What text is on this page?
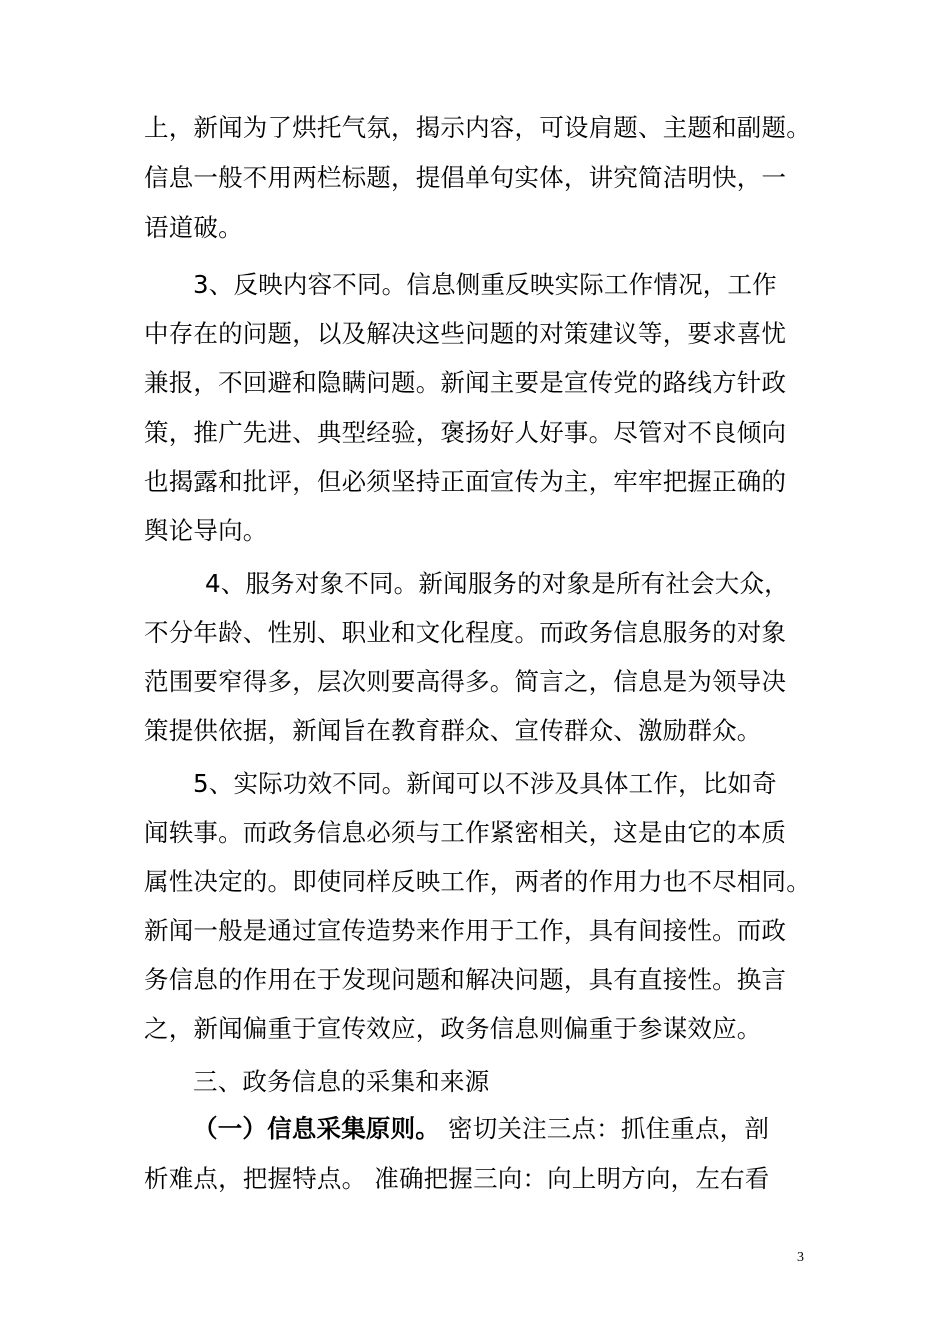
上，新闻为了烘托气氛，揭示内容，可设肩题、主题和副题。
信息一般不用两栏标题，提倡单句实体，讲究简洁明快，一
语道破。
3、反映内容不同。信息侧重反映实际工作情况，工作
中存在的问题，以及解决这些问题的对策建议等，要求喜忧
兼报，不回避和隐瞒问题。新闻主要是宣传党的路线方针政
策，推广先进、典型经验，褒扬好人好事。尽管对不良倾向
也揭露和批评，但必须坚持正面宣传为主，牢牢把握正确的
舆论导向。
4、服务对象不同。新闻服务的对象是所有社会大众，
不分年龄、性别、职业和文化程度。而政务信息服务的对象
范围要窄得多，层次则要高得多。简言之，信息是为领导决
策提供依据，新闻旨在教育群众、宣传群众、激励群众。
5、实际功效不同。新闻可以不涉及具体工作，比如奇
闻轶事。而政务信息必须与工作紧密相关，这是由它的本质
属性决定的。即使同样反映工作，两者的作用力也不尽相同。
新闻一般是通过宣传造势来作用于工作，具有间接性。而政
务信息的作用在于发现问题和解决问题，具有直接性。换言
之，新闻偏重于宣传效应，政务信息则偏重于参谋效应。
三、政务信息的采集和来源
（一）信息采集原则。 密切关注三点：抓住重点，剖
析难点，把握特点。 准确把握三向：向上明方向，左右看
3
